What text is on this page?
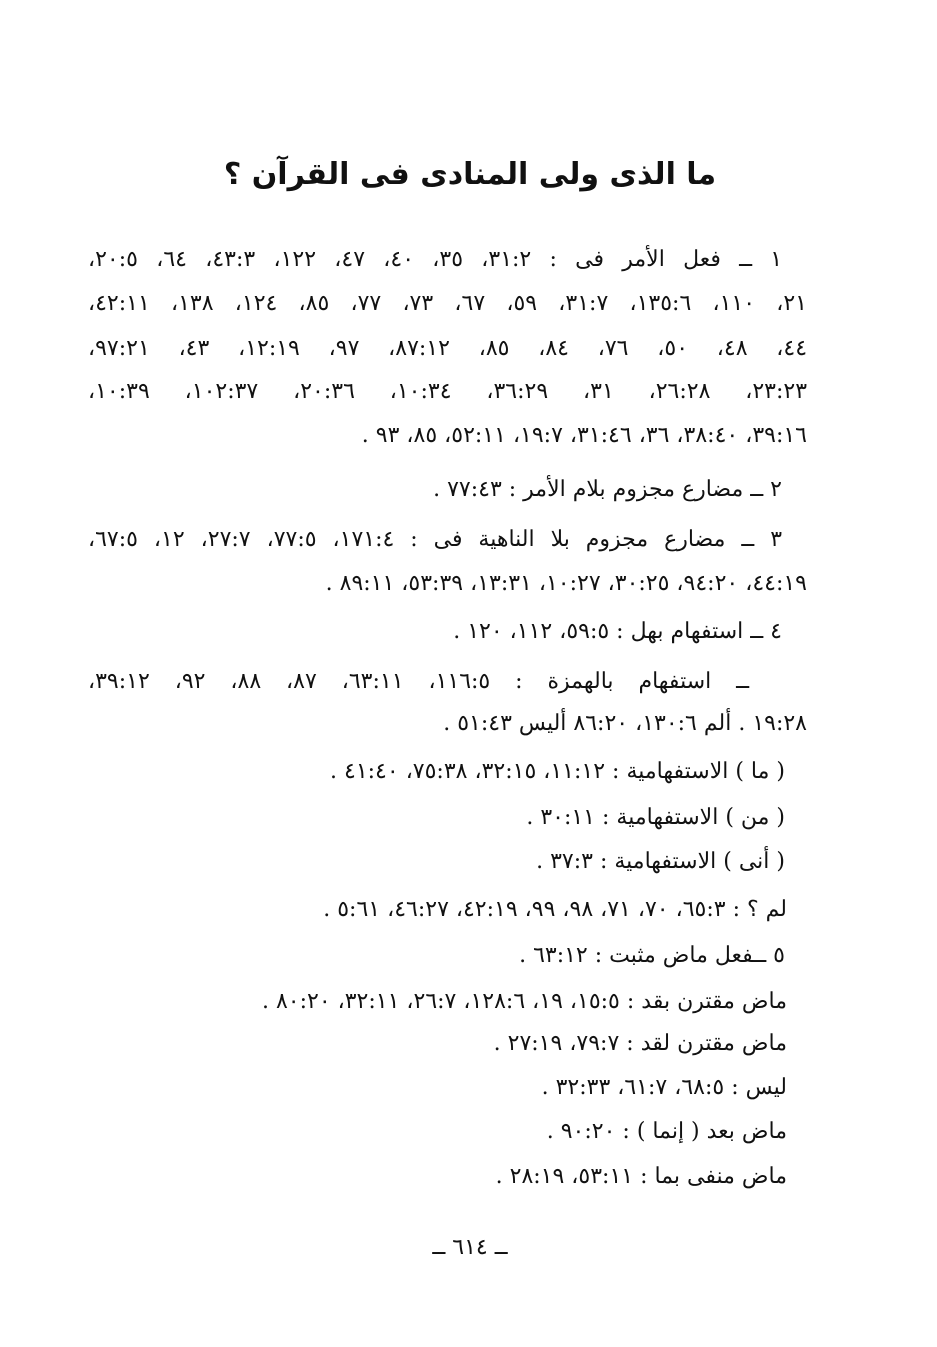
ما الذى ولى المنادى فى القرآن ؟
١ ــ فعل الأمر فى : ٣١:٢، ٣٥، ٤٠، ٤٧، ١٢٢، ٤٣:٣، ٦٤، ٢٠:٥،
٢١، ١١٠، ١٣٥:٦، ٣١:٧، ٥٩، ٦٧، ٧٣، ٧٧، ٨٥، ١٢٤، ١٣٨، ٤٢:١١،
٤٤، ٤٨، ٥٠، ٧٦، ٨٤، ٨٥، ٨٧:١٢، ٩٧، ١٢:١٩، ٤٣، ٩٧:٢١،
٢٣:٢٣، ٢٦:٢٨، ٣١، ٣٦:٢٩، ١٠:٣٤، ٢٠:٣٦، ١٠٢:٣٧، ١٠:٣٩،
٣٩:١٦، ٣٨:٤٠، ٣٦، ٣١:٤٦، ١٩:٧، ٥٢:١١، ٨٥، ٩٣ .
٢ ــ مضارع مجزوم بلام الأمر : ٧٧:٤٣ .
٣ ــ مضارع مجزوم بلا الناهية فى : ١٧١:٤، ٧٧:٥، ٢٧:٧، ١٢، ٦٧:٥،
٤٤:١٩، ٩٤:٢٠، ٣٠:٢٥، ١٠:٢٧، ١٣:٣١، ٥٣:٣٩، ٨٩:١١ .
٤ ــ استفهام بهل : ٥٩:٥، ١١٢، ١٢٠ .
ــ استفهام بالهمزة : ١١٦:٥، ٦٣:١١، ٨٧، ٨٨، ٩٢، ٣٩:١٢،
١٩:٢٨ . ألم ١٣٠:٦، ٨٦:٢٠ أليس ٥١:٤٣ .
( ما ) الاستفهامية : ١١:١٢، ٣٢:١٥، ٧٥:٣٨، ٤١:٤٠ .
( من ) الاستفهامية : ٣٠:١١ .
( أنى ) الاستفهامية : ٣٧:٣ .
لم ؟ : ٦٥:٣، ٧٠، ٧١، ٩٨، ٩٩، ٤٢:١٩، ٤٦:٢٧، ٥:٦١ .
٥ ــفعل ماض مثبت : ٦٣:١٢ .
ماض مقترن بقد : ١٥:٥، ١٩، ١٢٨:٦، ٢٦:٧، ٣٢:١١، ٨٠:٢٠ .
ماض مقترن لقد : ٧٩:٧، ٢٧:١٩ .
ليس : ٦٨:٥، ٦١:٧، ٣٢:٣٣ .
ماض بعد ( إنما ) : ٩٠:٢٠ .
ماض منفى بما : ٥٣:١١، ٢٨:١٩ .
ــ ٦١٤ ــ
